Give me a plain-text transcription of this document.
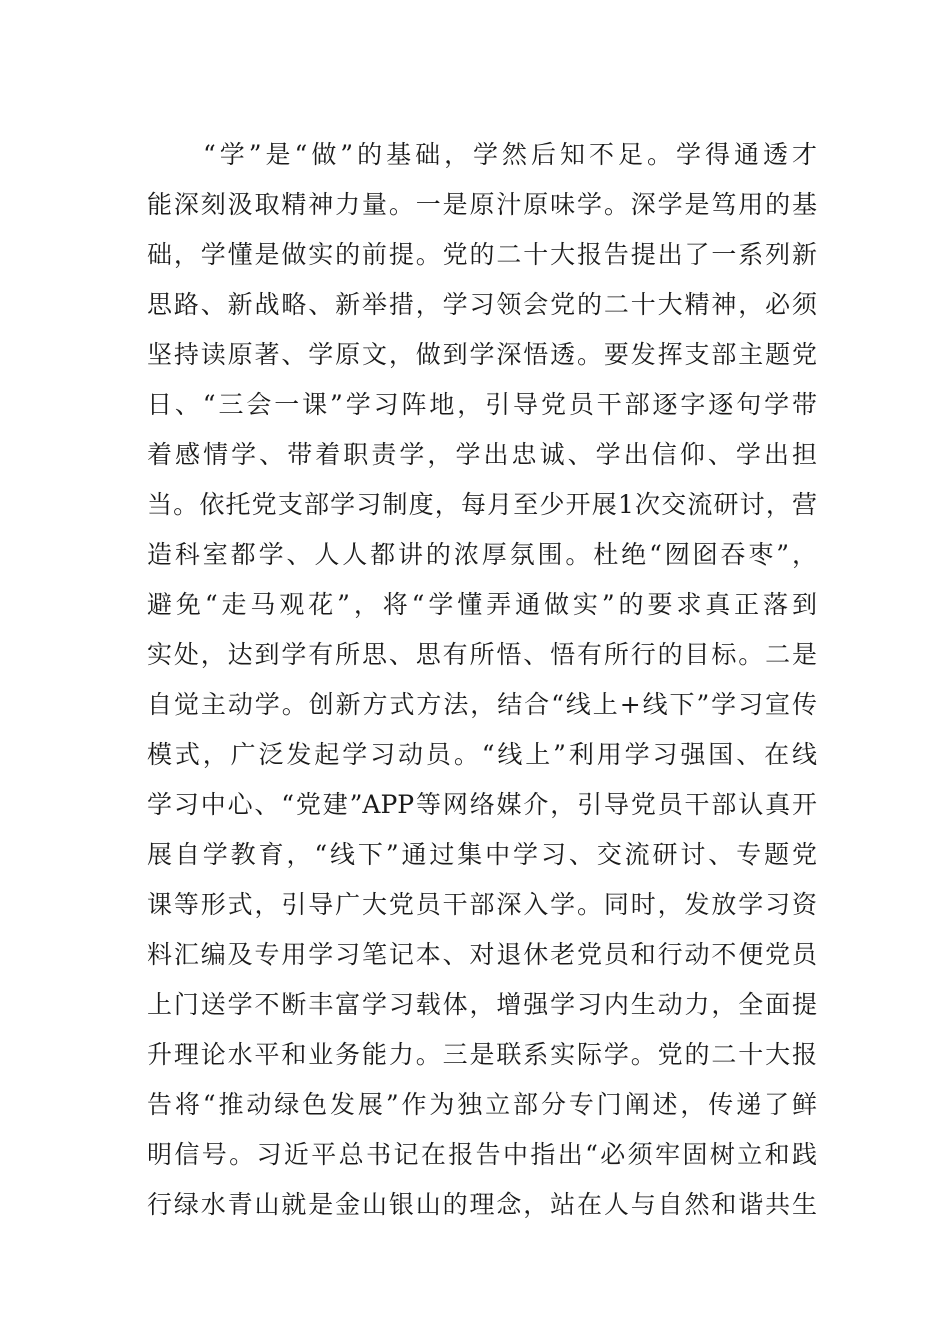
“学”是“做”的基础，学然后知不足。学得通透才
能深刻汲取精神力量。一是原汁原味学。深学是笃用的基
础，学懂是做实的前提。党的二十大报告提出了一系列新
思路、新战略、新举措，学习领会党的二十大精神，必须
坚持读原著、学原文，做到学深悟透。要发挥支部主题党
日、“三会一课”学习阵地，引导党员干部逐字逐句学带
着感情学、带着职责学，学出忠诚、学出信仰、学出担
当。依托党支部学习制度，每月至少开展1次交流研讨，营
造科室都学、人人都讲的浓厚氛围。杜绝“囫囵吞枣”，
避免“走马观花”，将“学懂弄通做实”的要求真正落到
实处，达到学有所思、思有所悟、悟有所行的目标。二是
自觉主动学。创新方式方法，结合“线上+线下”学习宣传
模式，广泛发起学习动员。“线上”利用学习强国、在线
学习中心、“党建”APP等网络媒介，引导党员干部认真开
展自学教育，“线下”通过集中学习、交流研讨、专题党
课等形式，引导广大党员干部深入学。同时，发放学习资
料汇编及专用学习笔记本、对退休老党员和行动不便党员
上门送学不断丰富学习载体，增强学习内生动力，全面提
升理论水平和业务能力。三是联系实际学。党的二十大报
告将“推动绿色发展”作为独立部分专门阐述，传递了鲜
明信号。习近平总书记在报告中指出“必须牢固树立和践
行绿水青山就是金山银山的理念，站在人与自然和谐共生
